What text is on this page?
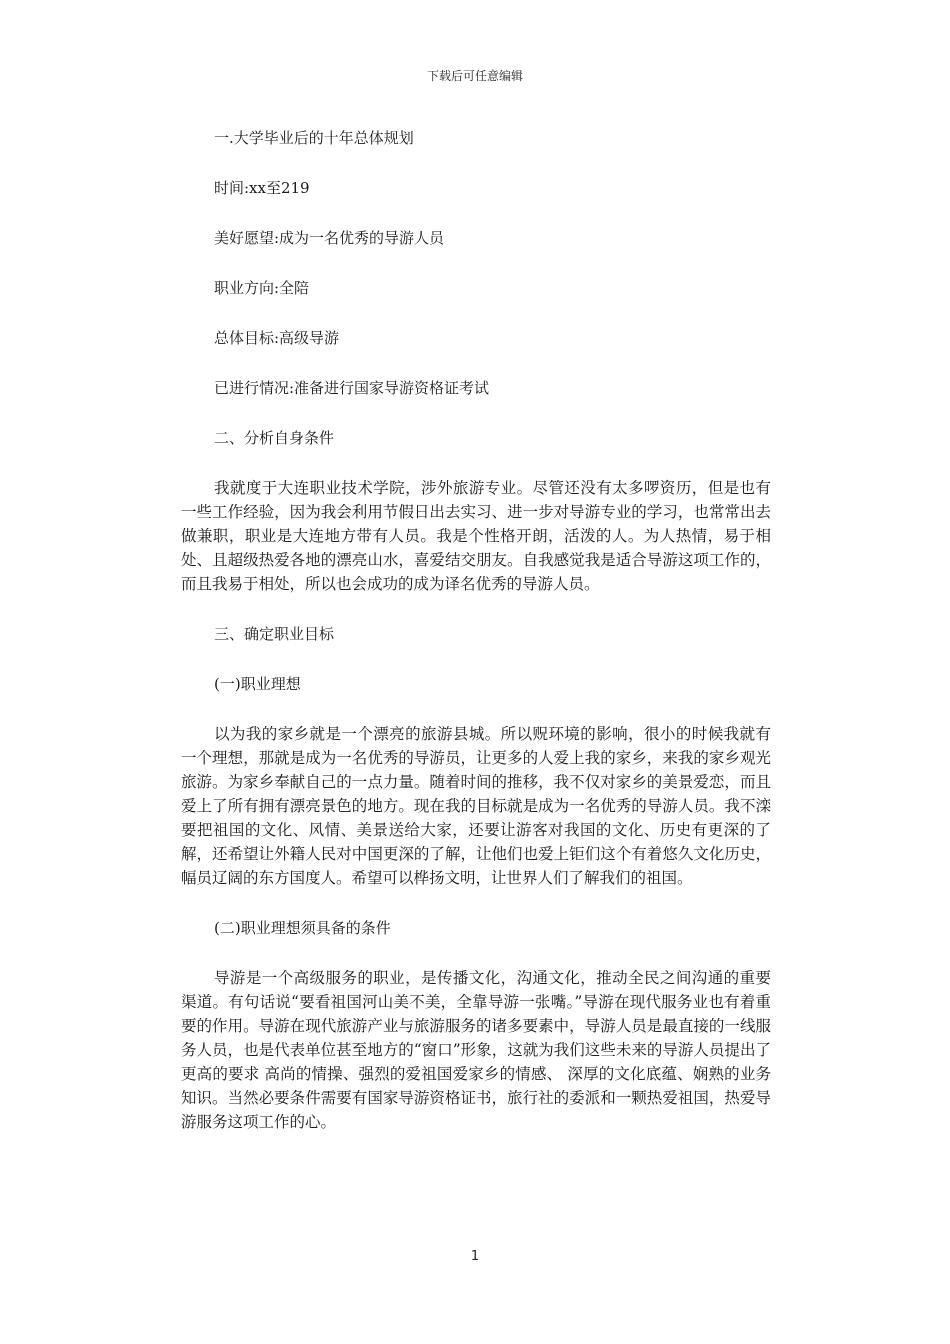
下载后可任意编辑

一.大学毕业后的十年总体规划

时间:xx至219

美好愿望:成为一名优秀的导游人员

职业方向:全陪

总体目标:高级导游

已进行情况:准备进行国家导游资格证考试

二、分析自身条件

我就度于大连职业技术学院，涉外旅游专业。尽管还没有太多啰资历，但是也有一些工作经验，因为我会利用节假日出去实习、进一步对导游专业的学习，也常常出去做兼职，职业是大连地方带有人员。我是个性格开朗，活泼的人。为人热情，易于相处、且超级热爱各地的漂亮山水，喜爱结交朋友。自我感觉我是适合导游这项工作的，而且我易于相处，所以也会成功的成为译名优秀的导游人员。

三、确定职业目标

(一)职业理想

以为我的家乡就是一个漂亮的旅游县城。所以贶环境的影响，很小的时候我就有一个理想，那就是成为一名优秀的导游员，让更多的人爱上我的家乡，来我的家乡观光旅游。为家乡奉献自己的一点力量。随着时间的推移，我不仅对家乡的美景爱恋，而且爱上了所有拥有漂亮景色的地方。现在我的目标就是成为一名优秀的导游人员。我不滦要把祖国的文化、风情、美景送给大家，还要让游客对我国的文化、历史有更深的了解，还希望让外籍人民对中国更深的了解，让他们也爱上钜们这个有着悠久文化历史，幅员辽阔的东方国度人。希望可以桦扬文明，让世界人们了解我们的祖国。

(二)职业理想须具备的条件

导游是一个高级服务的职业，是传播文化，沟通文化，推动全民之间沟通的重要渠道。有句话说“要看祖国河山美不美，全靠导游一张嘴。”导游在现代服务业也有着重要的作用。导游在现代旅游产业与旅游服务的诸多要素中，导游人员是最直接的一线服务人员，也是代表单位甚至地方的“窗口”形象，这就为我们这些未来的导游人员提出了更高的要求 高尚的情操、强烈的爱祖国爱家乡的情感、 深厚的文化底蕴、娴熟的业务知识。当然必要条件需要有国家导游资格证书，旅行社的委派和一颗热爱祖国，热爱导游服务这项工作的心。

1
